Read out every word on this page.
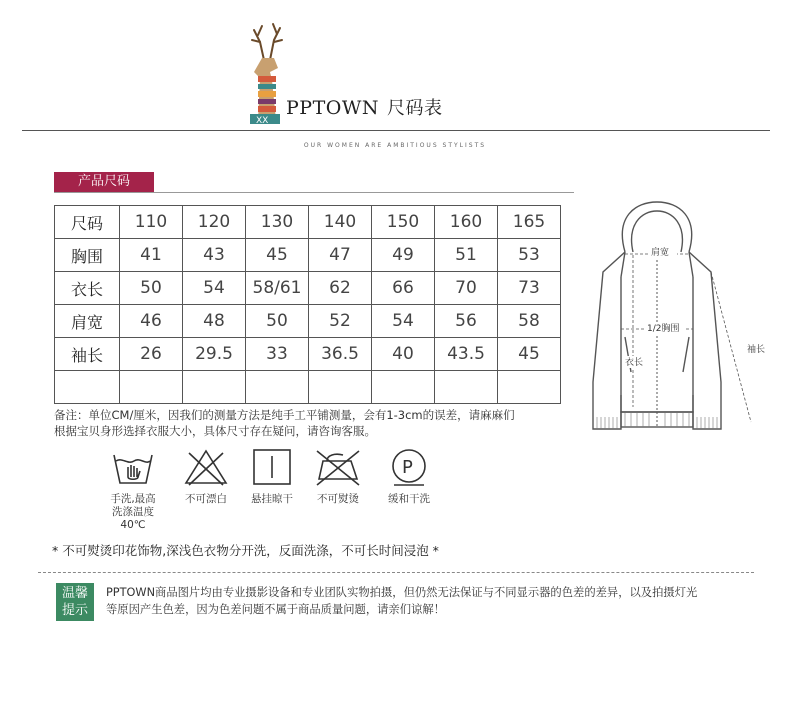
XX
PPTOWN 尺码表
OUR WOMEN ARE AMBITIOUS STYLISTS
产品尺码
尺码	110	120	130	140	150	160	165
胸围	41	43	45	47	49	51	53
衣长	50	54	58/61	62	66	70	73
肩宽	46	48	50	52	54	56	58
袖长	26	29.5	33	36.5	40	43.5	45

肩宽
1/2胸围
衣长
袖长
备注：单位CM/厘米，因我们的测量方法是纯手工平铺测量，会有1-3cm的误差，请麻麻们
根据宝贝身形选择衣服大小，具体尺寸存在疑问，请咨询客服。
手洗,最高
洗涤温度
40℃
不可漂白	悬挂晾干	不可熨烫
P
缓和干洗
* 不可熨烫印花饰物,深浅色衣物分开洗，反面洗涤，不可长时间浸泡 *
温馨
提示
PPTOWN商品图片均由专业摄影设备和专业团队实物拍摄，但仍然无法保证与不同显示器的色差的差异，以及拍摄灯光
等原因产生色差，因为色差问题不属于商品质量问题，请亲们谅解！
